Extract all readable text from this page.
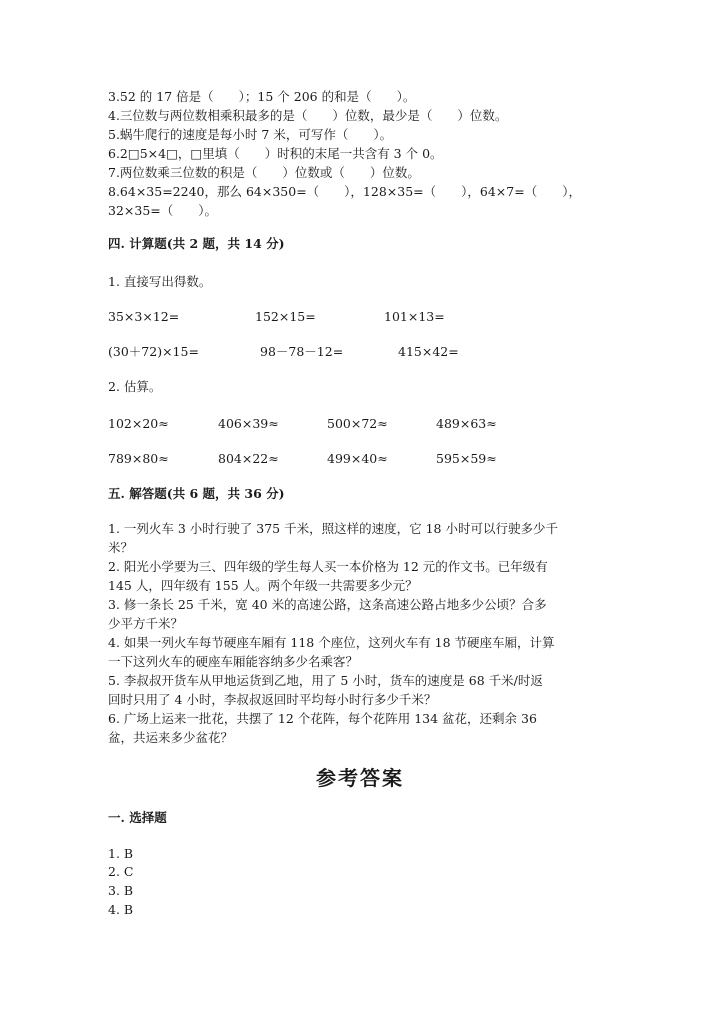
3.52 的 17 倍是（　　）；15 个 206 的和是（　　）。
4.三位数与两位数相乘积最多的是（　　）位数，最少是（　　）位数。
5.蜗牛爬行的速度是每小时 7 米，可写作（　　）。
6.2□5×4□，□里填（　　）时积的末尾一共含有 3 个 0。
7.两位数乘三位数的积是（　　）位数或（　　）位数。
8.64×35=2240，那么 64×350=（　　），128×35=（　　），64×7=（　　），
32×35=（　　）。
四. 计算题(共 2 题，共 14 分)
1. 直接写出得数。
35×3×12=	152×15=	101×13=
(30＋72)×15=	98－78－12=	415×42=
2. 估算。
102×20≈	406×39≈	500×72≈	489×63≈
789×80≈	804×22≈	499×40≈	595×59≈
五. 解答题(共 6 题，共 36 分)
1. 一列火车 3 小时行驶了 375 千米，照这样的速度，它 18 小时可以行驶多少千
米？
2. 阳光小学要为三、四年级的学生每人买一本价格为 12 元的作文书。已年级有
145 人，四年级有 155 人。两个年级一共需要多少元？
3. 修一条长 25 千米，宽 40 米的高速公路，这条高速公路占地多少公顷？合多
少平方千米？
4. 如果一列火车每节硬座车厢有 118 个座位，这列火车有 18 节硬座车厢，计算
一下这列火车的硬座车厢能容纳多少名乘客？
5. 李叔叔开货车从甲地运货到乙地，用了 5 小时，货车的速度是 68 千米/时返
回时只用了 4 小时，李叔叔返回时平均每小时行多少千米？
6. 广场上运来一批花，共摆了 12 个花阵，每个花阵用 134 盆花，还剩余 36
盆，共运来多少盆花？
参考答案
一. 选择题
1. B
2. C
3. B
4. B
